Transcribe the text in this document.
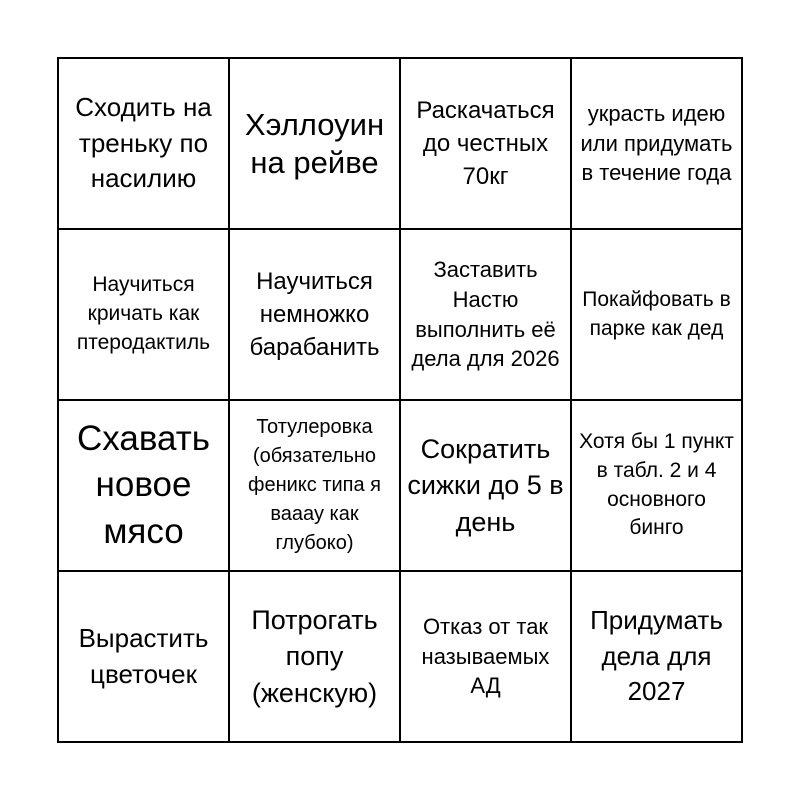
Сходить на треньку по насилию
Хэллоуин на рейве
Раскачаться до честных 70кг
украсть идею или придумать в течение года
Научиться кричать как птеродактиль
Научиться немножко барабанить
Заставить Настю выполнить её дела для 2026
Покайфовать в парке как дед
Схавать новое мясо
Тотулеровка (обязательно феникс типа я вааау как глубоко)
Сократить сижки до 5 в день
Хотя бы 1 пункт в табл. 2 и 4 основного бинго
Вырастить цветочек
Потрогать попу (женскую)
Отказ от так называемых АД
Придумать дела для 2027
